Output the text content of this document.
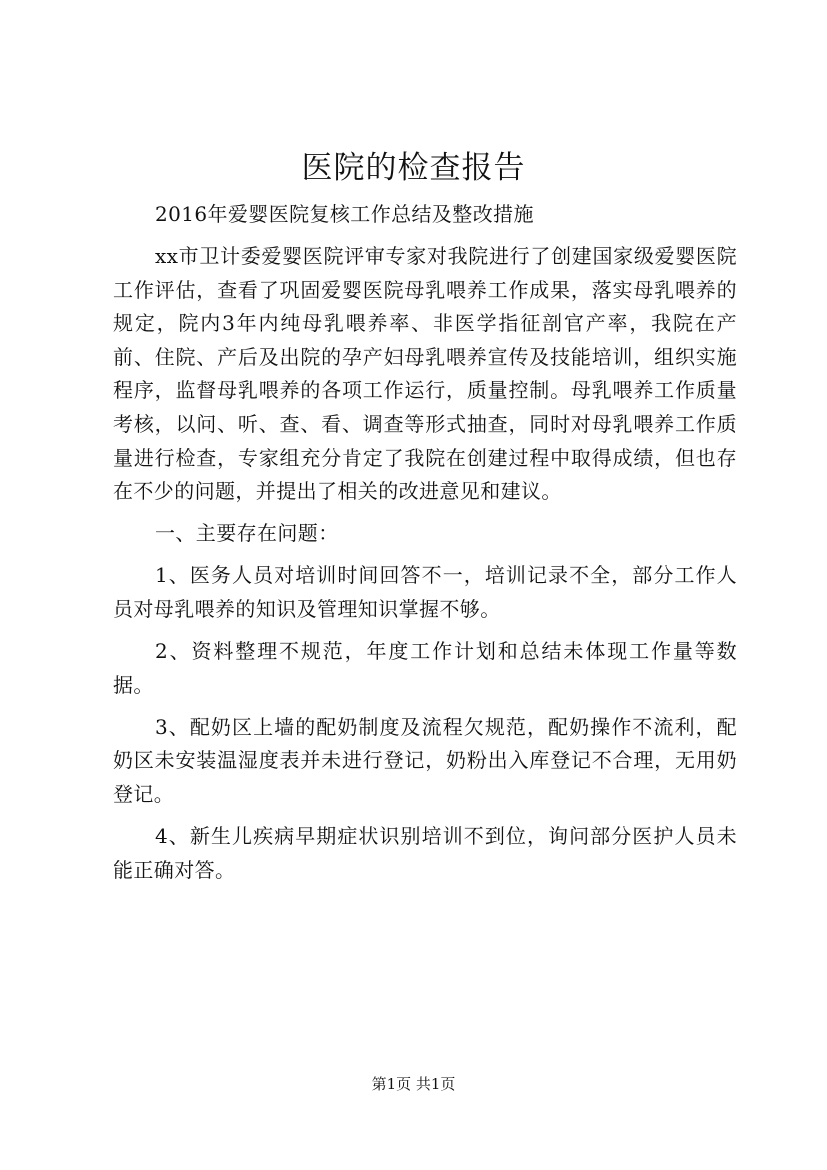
医院的检查报告

2016年爱婴医院复核工作总结及整改措施

xx市卫计委爱婴医院评审专家对我院进行了创建国家级爱婴医院工作评估，查看了巩固爱婴医院母乳喂养工作成果，落实母乳喂养的规定，院内3年内纯母乳喂养率、非医学指征剖官产率，我院在产前、住院、产后及出院的孕产妇母乳喂养宣传及技能培训，组织实施程序，监督母乳喂养的各项工作运行，质量控制。母乳喂养工作质量考核，以问、听、查、看、调查等形式抽查，同时对母乳喂养工作质量进行检查，专家组充分肯定了我院在创建过程中取得成绩，但也存在不少的问题，并提出了相关的改进意见和建议。

一、主要存在问题：

1、医务人员对培训时间回答不一，培训记录不全，部分工作人员对母乳喂养的知识及管理知识掌握不够。

2、资料整理不规范，年度工作计划和总结未体现工作量等数据。

3、配奶区上墙的配奶制度及流程欠规范，配奶操作不流利，配奶区未安装温湿度表并未进行登记，奶粉出入库登记不合理，无用奶登记。

4、新生儿疾病早期症状识别培训不到位，询问部分医护人员未能正确对答。

第1页 共1页
